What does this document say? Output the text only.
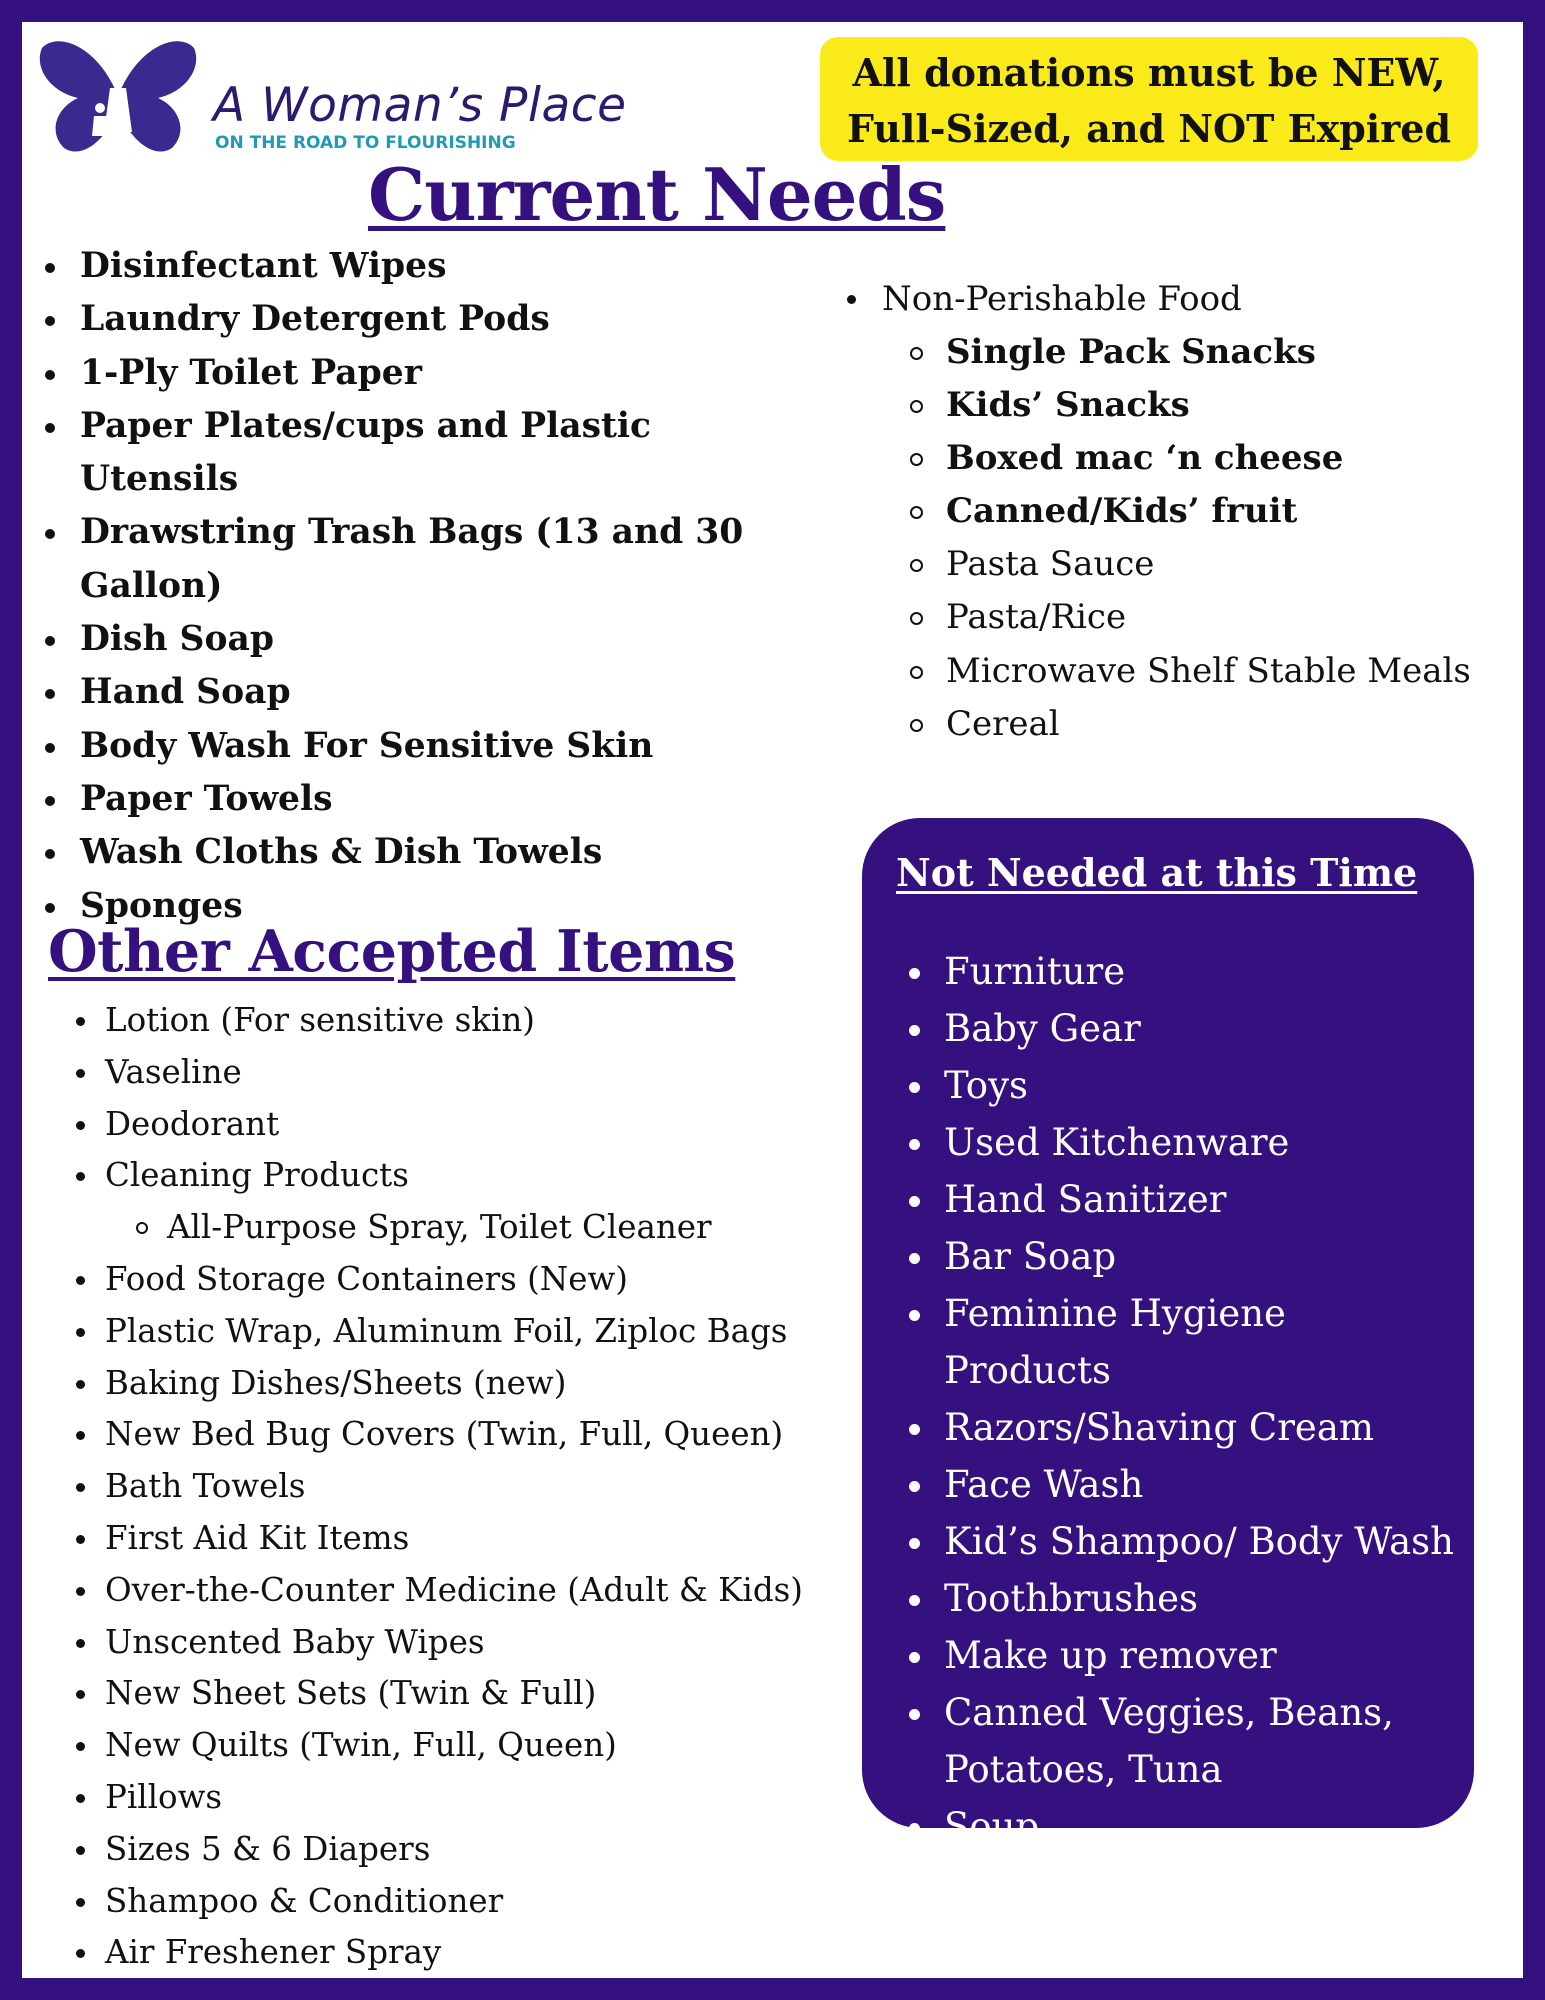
A Woman’s Place
ON THE ROAD TO FLOURISHING
All donations must be NEW,
Full-Sized, and NOT Expired
Current Needs
Disinfectant Wipes
Laundry Detergent Pods
1-Ply Toilet Paper
Paper Plates/cups and Plastic
Utensils
Drawstring Trash Bags (13 and 30
Gallon)
Dish Soap
Hand Soap
Body Wash For Sensitive Skin
Paper Towels
Wash Cloths & Dish Towels
Sponges
Non-Perishable Food
Single Pack Snacks
Kids’ Snacks
Boxed mac ‘n cheese
Canned/Kids’ fruit
Pasta Sauce
Pasta/Rice
Microwave Shelf Stable Meals
Cereal
Other Accepted Items
Lotion (For sensitive skin)
Vaseline
Deodorant
Cleaning Products
All-Purpose Spray, Toilet Cleaner
Food Storage Containers (New)
Plastic Wrap, Aluminum Foil, Ziploc Bags
Baking Dishes/Sheets (new)
New Bed Bug Covers (Twin, Full, Queen)
Bath Towels
First Aid Kit Items
Over-the-Counter Medicine (Adult & Kids)
Unscented Baby Wipes
New Sheet Sets (Twin & Full)
New Quilts (Twin, Full, Queen)
Pillows
Sizes 5 & 6 Diapers
Shampoo & Conditioner
Air Freshener Spray
Not Needed at this Time
Furniture
Baby Gear
Toys
Used Kitchenware
Hand Sanitizer
Bar Soap
Feminine Hygiene Products
Razors/Shaving Cream
Face Wash
Kid’s Shampoo/ Body Wash
Toothbrushes
Make up remover
Canned Veggies, Beans,
Potatoes, Tuna
Soup
